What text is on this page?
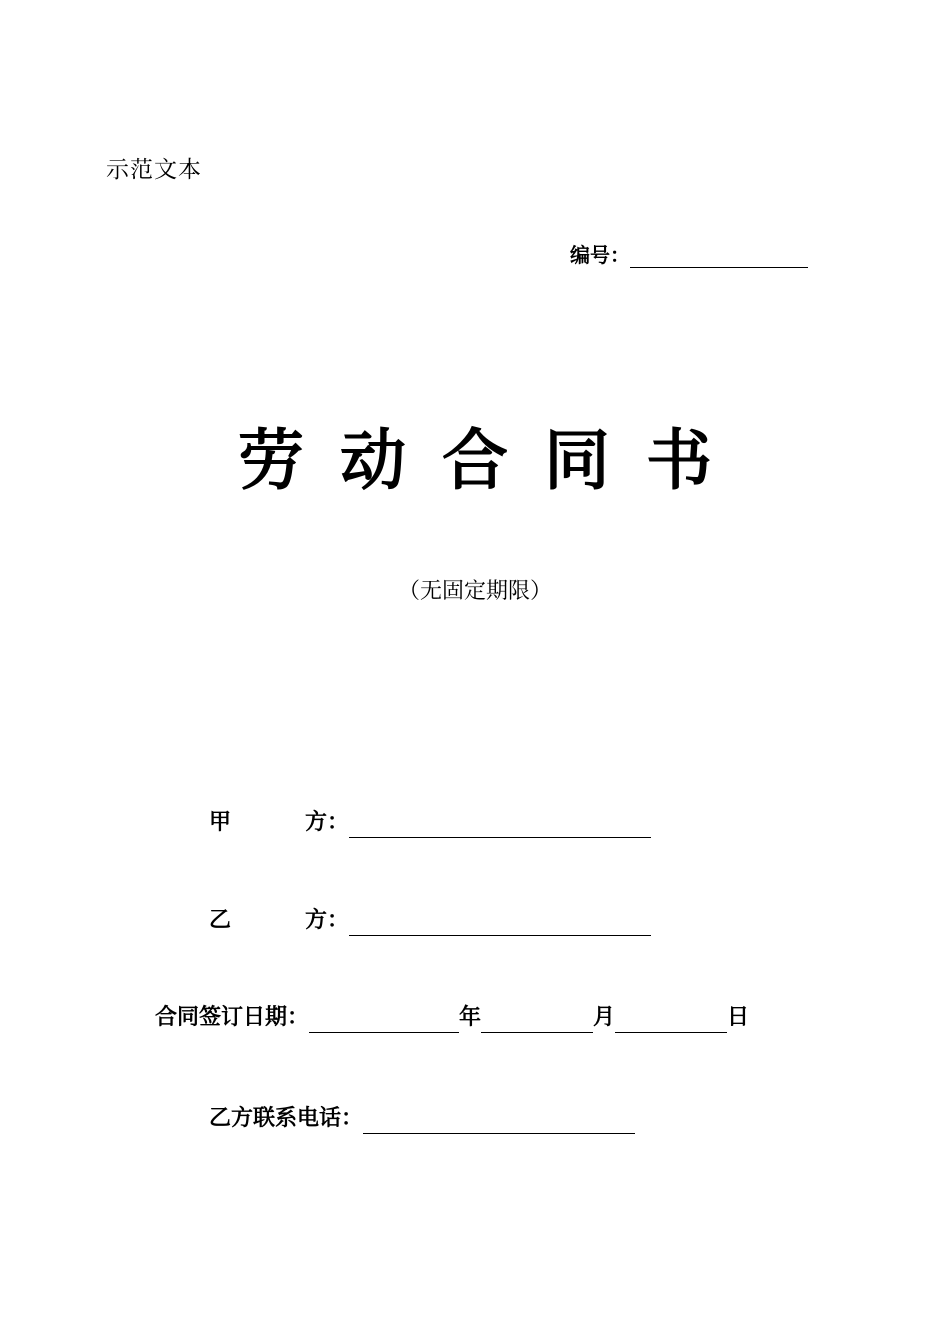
示范文本
编号：
劳 动 合 同 书
（无固定期限）
甲	方：
乙	方：
合同签订日期：	年	月	日
乙方联系电话：
